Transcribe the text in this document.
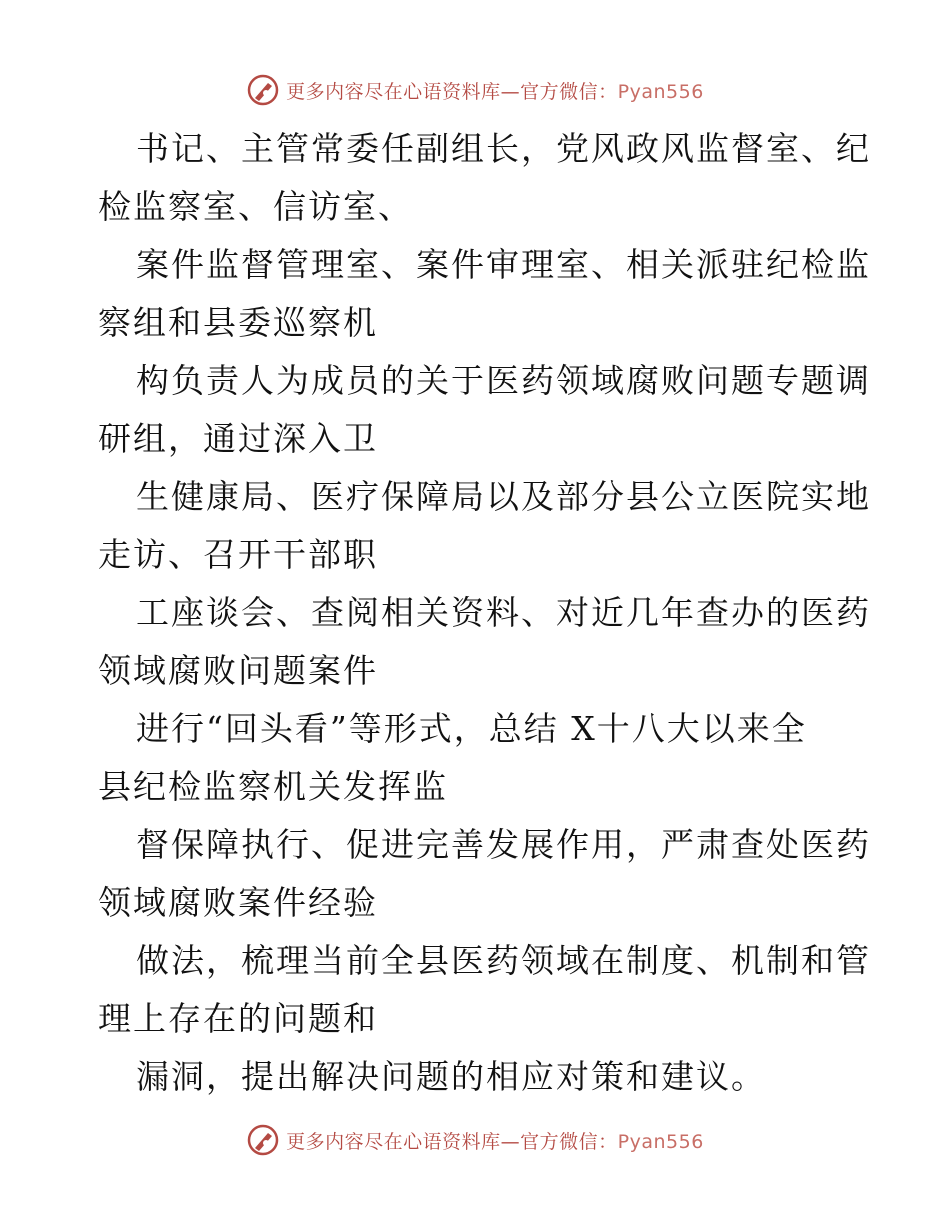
更多内容尽在心语资料库—官方微信：Pyan556

书记、主管常委任副组长，党风政风监督室、纪
检监察室、信访室、

案件监督管理室、案件审理室、相关派驻纪检监
察组和县委巡察机

构负责人为成员的关于医药领域腐败问题专题调
研组，通过深入卫

生健康局、医疗保障局以及部分县公立医院实地
走访、召开干部职

工座谈会、查阅相关资料、对近几年查办的医药
领域腐败问题案件

进行“回头看”等形式，总结 X十八大以来全
县纪检监察机关发挥监

督保障执行、促进完善发展作用，严肃查处医药
领域腐败案件经验

做法，梳理当前全县医药领域在制度、机制和管
理上存在的问题和

漏洞，提出解决问题的相应对策和建议。

更多内容尽在心语资料库—官方微信：Pyan556
